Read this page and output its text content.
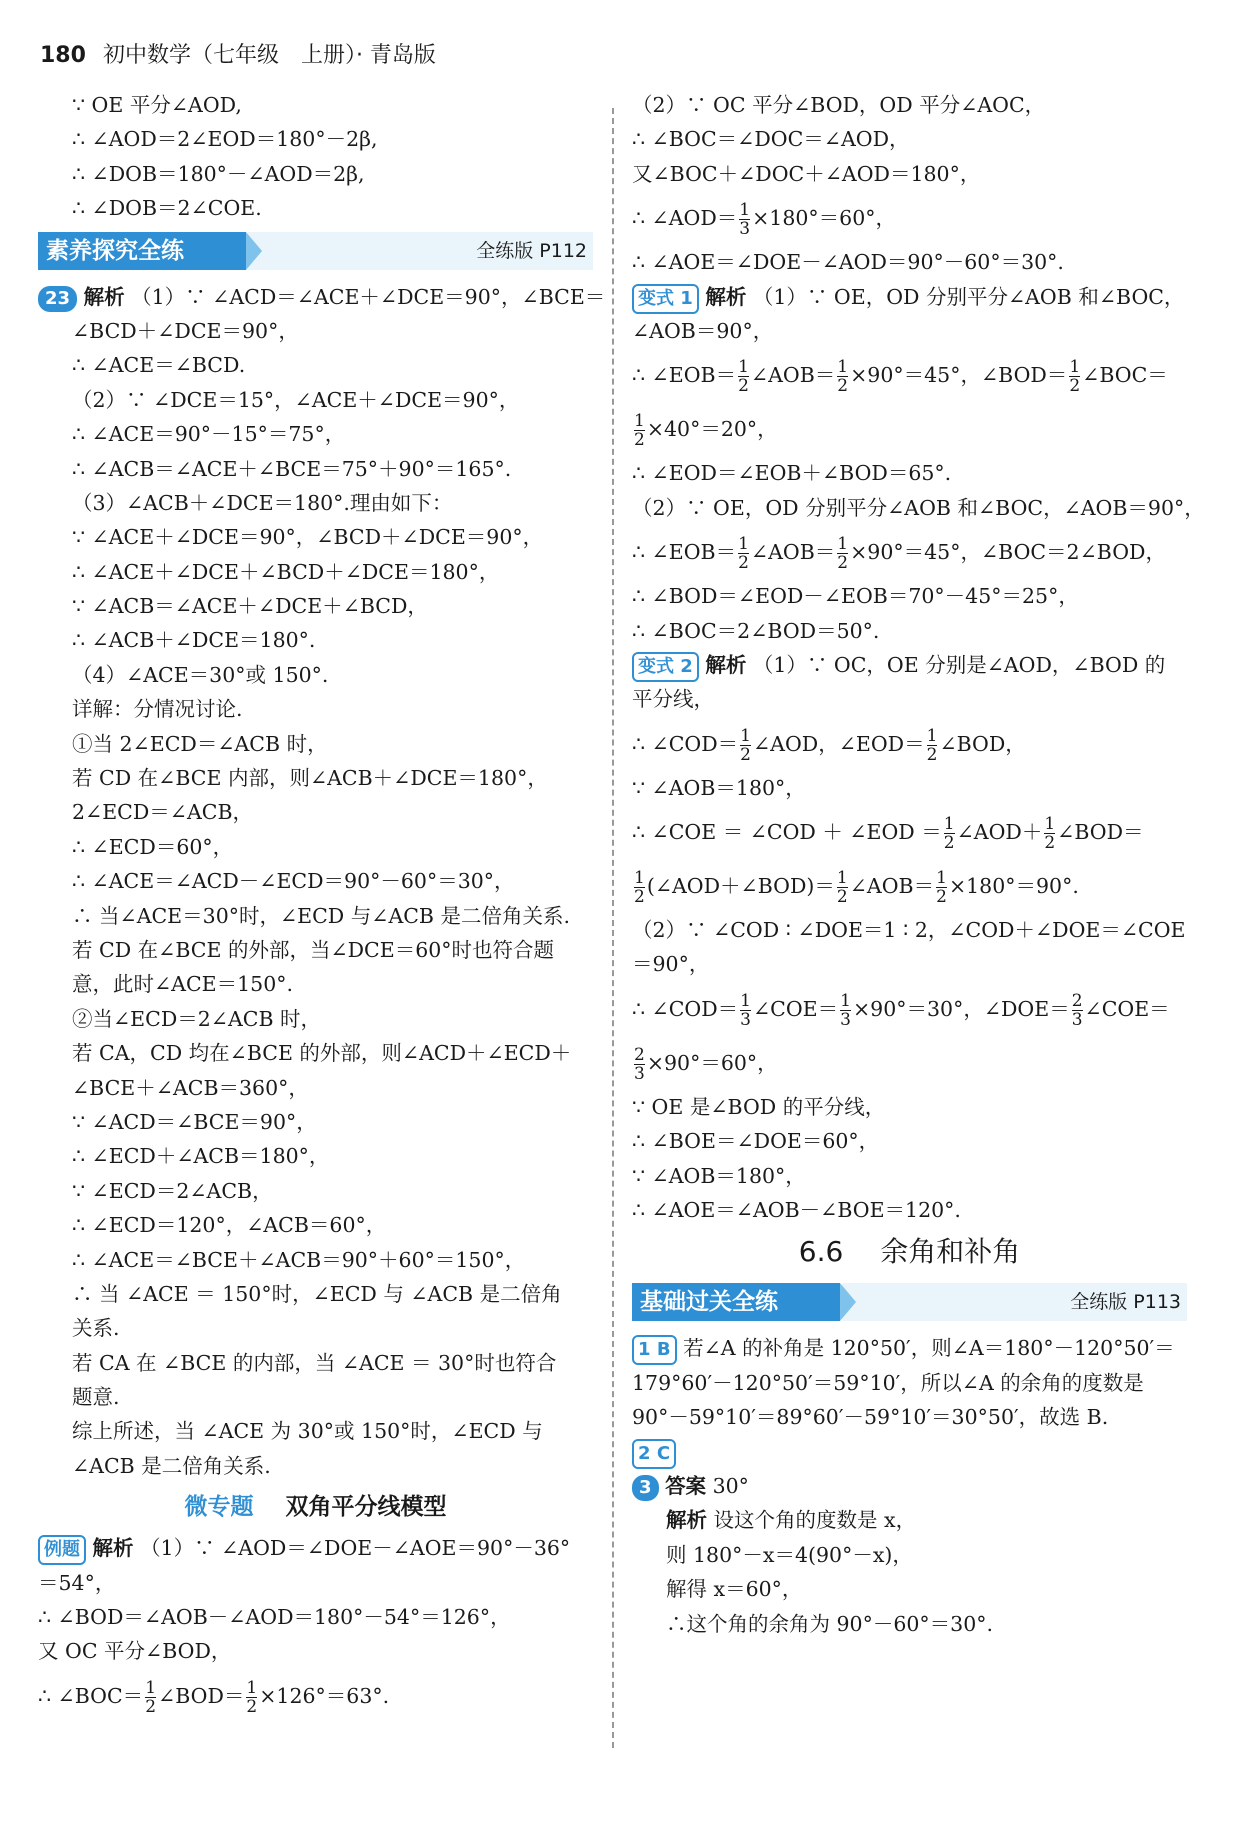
180 初中数学（七年级　上册）· 青岛版
∵ OE 平分∠AOD,
∴ ∠AOD＝2∠EOD＝180°－2β,
∴ ∠DOB＝180°－∠AOD＝2β,
∴ ∠DOB＝2∠COE.
素养探究全练	全练版 P112
23 解析 （1）∵ ∠ACD＝∠ACE＋∠DCE＝90°，∠BCE＝
∠BCD＋∠DCE＝90°，
∴ ∠ACE＝∠BCD.
（2）∵ ∠DCE＝15°，∠ACE＋∠DCE＝90°，
∴ ∠ACE＝90°－15°＝75°，
∴ ∠ACB＝∠ACE＋∠BCE＝75°＋90°＝165°.
（3）∠ACB＋∠DCE＝180°.理由如下：
∵ ∠ACE＋∠DCE＝90°，∠BCD＋∠DCE＝90°，
∴ ∠ACE＋∠DCE＋∠BCD＋∠DCE＝180°，
∵ ∠ACB＝∠ACE＋∠DCE＋∠BCD，
∴ ∠ACB＋∠DCE＝180°.
（4）∠ACE＝30°或 150°.
详解：分情况讨论.
①当 2∠ECD＝∠ACB 时，
若 CD 在∠BCE 内部，则∠ACB＋∠DCE＝180°，
2∠ECD＝∠ACB，
∴ ∠ECD＝60°，
∴ ∠ACE＝∠ACD－∠ECD＝90°－60°＝30°，
∴ 当∠ACE＝30°时，∠ECD 与∠ACB 是二倍角关系.
若 CD 在∠BCE 的外部，当∠DCE＝60°时也符合题
意，此时∠ACE＝150°.
②当∠ECD＝2∠ACB 时，
若 CA，CD 均在∠BCE 的外部，则∠ACD＋∠ECD＋
∠BCE＋∠ACB＝360°，
∵ ∠ACD＝∠BCE＝90°，
∴ ∠ECD＋∠ACB＝180°，
∵ ∠ECD＝2∠ACB，
∴ ∠ECD＝120°，∠ACB＝60°，
∴ ∠ACE＝∠BCE＋∠ACB＝90°＋60°＝150°，
∴ 当 ∠ACE ＝ 150°时，∠ECD 与 ∠ACB 是二倍角
关系.
若 CA 在 ∠BCE 的内部，当 ∠ACE ＝ 30°时也符合
题意.
综上所述，当 ∠ACE 为 30°或 150°时，∠ECD 与
∠ACB 是二倍角关系.
微专题 双角平分线模型
例题 解析 （1）∵ ∠AOD＝∠DOE－∠AOE＝90°－36°
＝54°，
∴ ∠BOD＝∠AOB－∠AOD＝180°－54°＝126°，
又 OC 平分∠BOD，
∴ ∠BOC＝ $\frac{1}{2}$ ∠BOD＝ $\frac{1}{2} \times 126^\circ=63^\circ$.
（2）∵ OC 平分∠BOD，OD 平分∠AOC，
∴ ∠BOC＝∠DOC＝∠AOD，
又∠BOC＋∠DOC＋∠AOD＝180°，
∴ ∠AOD＝ $\frac{1}{3} \times 180^\circ=60^\circ$，
∴ ∠AOE＝∠DOE－∠AOD＝90°－60°＝30°.
变式 1 解析 （1）∵ OE，OD 分别平分∠AOB 和∠BOC，
∠AOB＝90°，
∴ ∠EOB＝ $\frac{1}{2}$ ∠AOB＝ $\frac{1}{2} \times 90^\circ=45^\circ$，∠BOD＝ $\frac{1}{2}$ ∠BOC＝
$\frac{1}{2} \times 40^\circ=20^\circ$，
∴ ∠EOD＝∠EOB＋∠BOD＝65°.
（2）∵ OE，OD 分别平分∠AOB 和∠BOC，∠AOB＝90°，
∴ ∠EOB＝ $\frac{1}{2}$ ∠AOB＝ $\frac{1}{2} \times 90^\circ=45^\circ$，∠BOC＝2∠BOD，
∴ ∠BOD＝∠EOD－∠EOB＝70°－45°＝25°，
∴ ∠BOC＝2∠BOD＝50°.
变式 2 解析 （1）∵ OC，OE 分别是∠AOD，∠BOD 的
平分线，
∴ ∠COD＝ $\frac{1}{2}$ ∠AOD，∠EOD＝ $\frac{1}{2}$ ∠BOD，
∵ ∠AOB＝180°，
∴ ∠COE ＝ ∠COD ＋ ∠EOD ＝ $\frac{1}{2}$ ∠AOD＋ $\frac{1}{2}$ ∠BOD＝
$\frac{1}{2}$ (∠AOD＋∠BOD)＝ $\frac{1}{2}$ ∠AOB＝ $\frac{1}{2} \times 180^\circ=90^\circ$.
（2）∵ ∠COD ∶ ∠DOE＝1 ∶ 2，∠COD＋∠DOE＝∠COE
＝90°，
∴ ∠COD＝ $\frac{1}{3}$ ∠COE＝ $\frac{1}{3} \times 90^\circ=30^\circ$，∠DOE＝ $\frac{2}{3}$ ∠COE＝
$\frac{2}{3} \times 90^\circ=60^\circ$，
∵ OE 是∠BOD 的平分线，
∴ ∠BOE＝∠DOE＝60°，
∵ ∠AOB＝180°，
∴ ∠AOE＝∠AOB－∠BOE＝120°.
6.6 余角和补角
基础过关全练	全练版 P113
1 B 若∠A 的补角是 120°50′，则∠A＝180°－120°50′＝
179°60′－120°50′＝59°10′，所以∠A 的余角的度数是
90°－59°10′＝89°60′－59°10′＝30°50′，故选 B.
2 C
3 答案 30°
解析 设这个角的度数是 x，
则 180°－x＝4(90°－x)，
解得 x＝60°，
∴这个角的余角为 90°－60°＝30°.
